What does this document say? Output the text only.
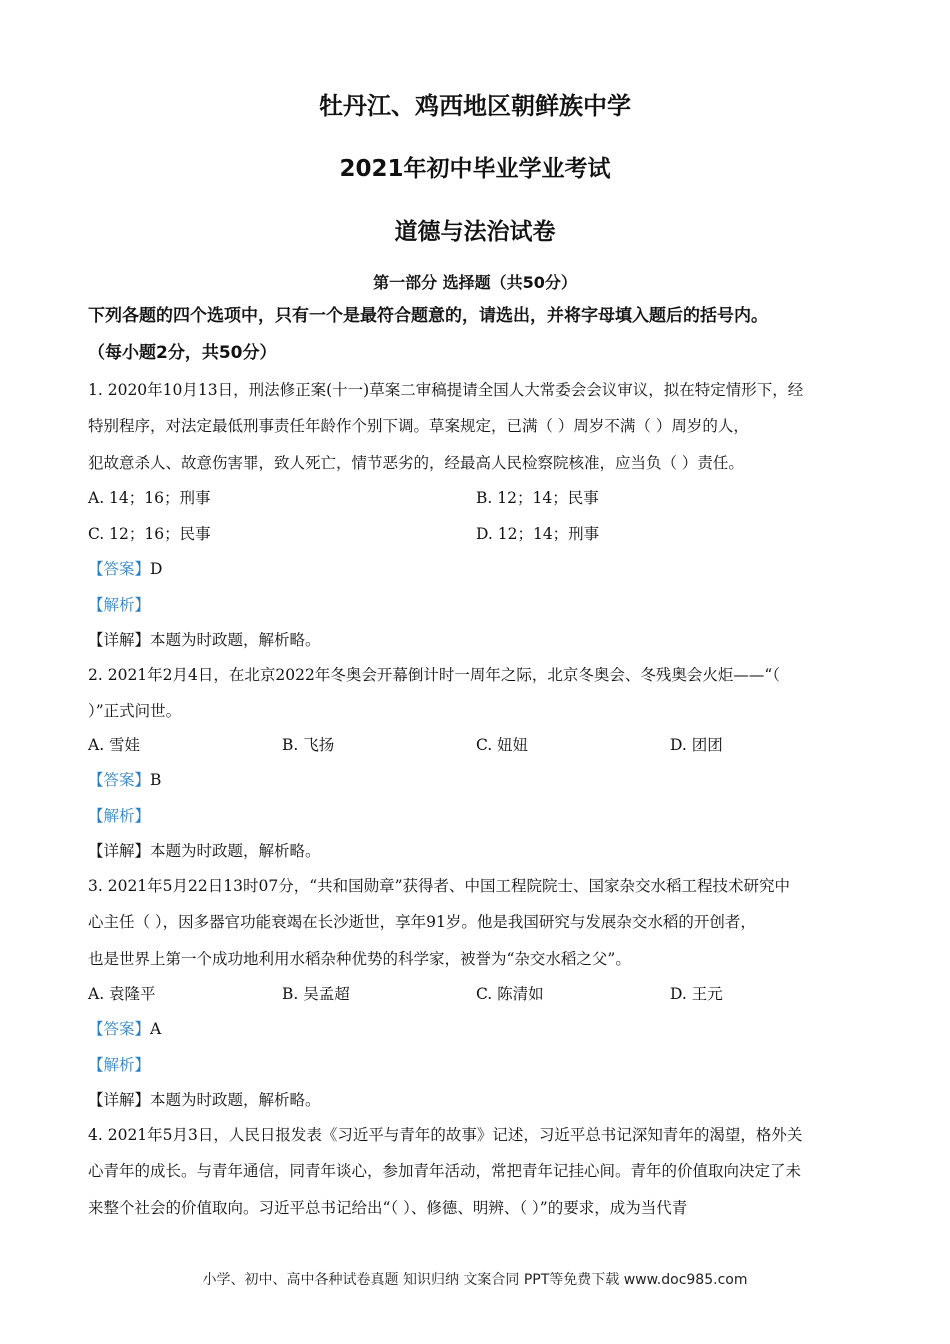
牡丹江、鸡西地区朝鲜族中学
2021年初中毕业学业考试
道德与法治试卷
第一部分 选择题（共50分）
下列各题的四个选项中，只有一个是最符合题意的，请选出，并将字母填入题后的括号内。
（每小题2分，共50分）
1. 2020年10月13日，刑法修正案(十一)草案二审稿提请全国人大常委会会议审议，拟在特定情形下，经
特别程序，对法定最低刑事责任年龄作个别下调。草案规定，已满（ ）周岁不满（ ）周岁的人，
犯故意杀人、故意伤害罪，致人死亡，情节恶劣的，经最高人民检察院核准，应当负（ ）责任。
A. 14；16；刑事	B. 12；14；民事
C. 12；16；民事	D. 12；14；刑事
【答案】D
【解析】
【详解】本题为时政题，解析略。
2. 2021年2月4日，在北京2022年冬奥会开幕倒计时一周年之际，北京冬奥会、冬残奥会火炬——“（
）”正式问世。
A. 雪娃	B. 飞扬	C. 妞妞	D. 团团
【答案】B
【解析】
【详解】本题为时政题，解析略。
3. 2021年5月22日13时07分，“共和国勋章”获得者、中国工程院院士、国家杂交水稻工程技术研究中
心主任（ ），因多器官功能衰竭在长沙逝世，享年91岁。他是我国研究与发展杂交水稻的开创者，
也是世界上第一个成功地利用水稻杂种优势的科学家，被誉为“杂交水稻之父”。
A. 袁隆平	B. 吴孟超	C. 陈清如	D. 王元
【答案】A
【解析】
【详解】本题为时政题，解析略。
4. 2021年5月3日，人民日报发表《习近平与青年的故事》记述，习近平总书记深知青年的渴望，格外关
心青年的成长。与青年通信，同青年谈心，参加青年活动，常把青年记挂心间。青年的价值取向决定了未
来整个社会的价值取向。习近平总书记给出“（ ）、修德、明辨、（ ）”的要求，成为当代青
小学、初中、高中各种试卷真题 知识归纳 文案合同 PPT等免费下载 www.doc985.com
